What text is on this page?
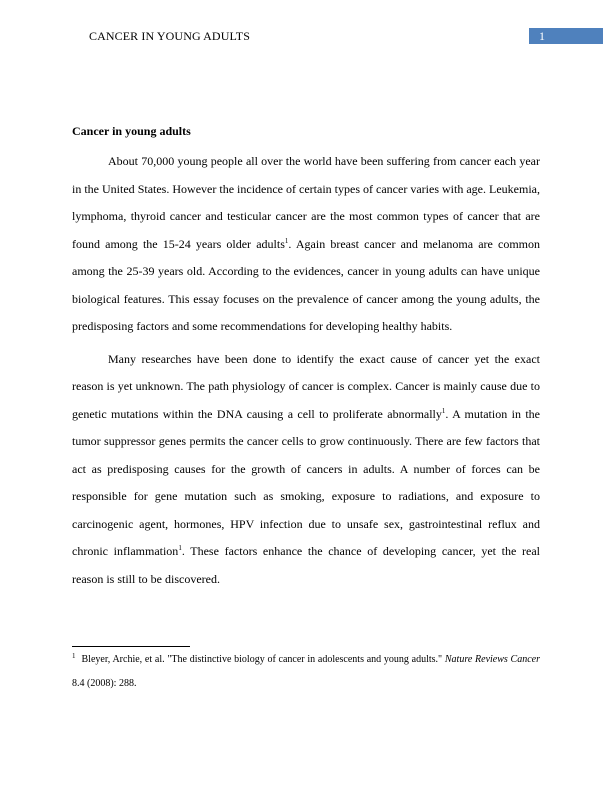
CANCER IN YOUNG ADULTS	1
Cancer in young adults

About 70,000 young people all over the world have been suffering from cancer each year in the United States. However the incidence of certain types of cancer varies with age. Leukemia, lymphoma, thyroid cancer and testicular cancer are the most common types of cancer that are found among the 15-24 years older adults$^1$. Again breast cancer and melanoma are common among the 25-39 years old. According to the evidences, cancer in young adults can have unique biological features. This essay focuses on the prevalence of cancer among the young adults, the predisposing factors and some recommendations for developing healthy habits.

Many researches have been done to identify the exact cause of cancer yet the exact reason is yet unknown. The path physiology of cancer is complex. Cancer is mainly cause due to genetic mutations within the DNA causing a cell to proliferate abnormally$^1$. A mutation in the tumor suppressor genes permits the cancer cells to grow continuously. There are few factors that act as predisposing causes for the growth of cancers in adults. A number of forces can be responsible for gene mutation such as smoking, exposure to radiations, and exposure to carcinogenic agent, hormones, HPV infection due to unsafe sex, gastrointestinal reflux and chronic inflammation$^1$. These factors enhance the chance of developing cancer, yet the real reason is still to be discovered.

$^1$ Bleyer, Archie, et al. "The distinctive biology of cancer in adolescents and young adults." Nature Reviews Cancer 8.4 (2008): 288.
